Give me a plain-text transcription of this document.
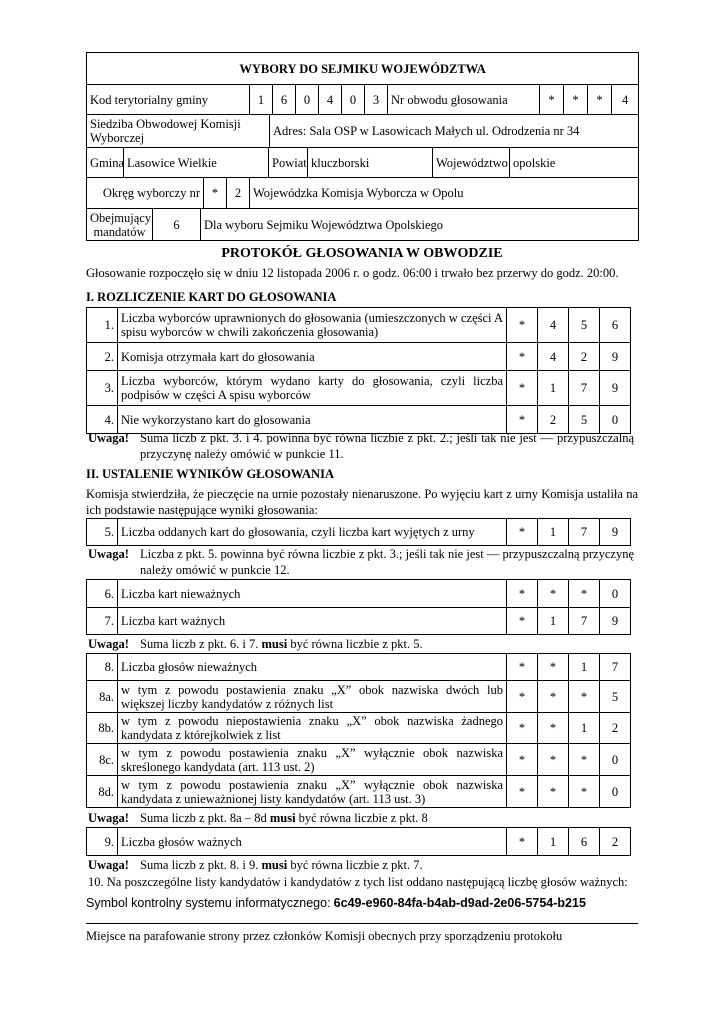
WYBORY DO SEJMIKU WOJEWÓDZTWA
Kod terytorialny gminy	1	6	0	4	0	3	Nr obwodu głosowania	*	*	*	4
Siedziba Obwodowej Komisji Wyborczej	Adres: Sala OSP w Lasowicach Małych ul. Odrodzenia nr 34
Gmina	Lasowice Wielkie	Powiat	kluczborski	Województwo	opolskie
Okręg wyborczy nr	*	2	Wojewódzka Komisja Wyborcza w Opolu
Obejmujący mandatów	6	Dla wyboru Sejmiku Województwa Opolskiego
PROTOKÓŁ GŁOSOWANIA W OBWODZIE
Głosowanie rozpoczęło się w dniu 12 listopada 2006 r. o godz. 06:00 i trwało bez przerwy do godz. 20:00.
I. ROZLICZENIE KART DO GŁOSOWANIA
1.	Liczba wyborców uprawnionych do głosowania (umieszczonych w części A spisu wyborców w chwili zakończenia głosowania)	*	4	5	6
2.	Komisja otrzymała kart do głosowania	*	4	2	9
3.	Liczba wyborców, którym wydano karty do głosowania, czyli liczba podpisów w części A spisu wyborców	*	1	7	9
4.	Nie wykorzystano kart do głosowania	*	2	5	0
Uwaga! Suma liczb z pkt. 3. i 4. powinna być równa liczbie z pkt. 2.; jeśli tak nie jest — przypuszczalną przyczynę należy omówić w punkcie 11.
II. USTALENIE WYNIKÓW GŁOSOWANIA
Komisja stwierdziła, że pieczęcie na urnie pozostały nienaruszone. Po wyjęciu kart z urny Komisja ustaliła na ich podstawie następujące wyniki głosowania:
5.	Liczba oddanych kart do głosowania, czyli liczba kart wyjętych z urny	*	1	7	9
Uwaga! Liczba z pkt. 5. powinna być równa liczbie z pkt. 3.; jeśli tak nie jest — przypuszczalną przyczynę należy omówić w punkcie 12.
6.	Liczba kart nieważnych	*	*	*	0
7.	Liczba kart ważnych	*	1	7	9
Uwaga! Suma liczb z pkt. 6. i 7. musi być równa liczbie z pkt. 5.
8.	Liczba głosów nieważnych	*	*	1	7
8a.	w tym z powodu postawienia znaku „X” obok nazwiska dwóch lub większej liczby kandydatów z różnych list	*	*	*	5
8b.	w tym z powodu niepostawienia znaku „X” obok nazwiska żadnego kandydata z którejkolwiek z list	*	*	1	2
8c.	w tym z powodu postawienia znaku „X” wyłącznie obok nazwiska skreślonego kandydata (art. 113 ust. 2)	*	*	*	0
8d.	w tym z powodu postawienia znaku „X” wyłącznie obok nazwiska kandydata z unieważnionej listy kandydatów (art. 113 ust. 3)	*	*	*	0
Uwaga! Suma liczb z pkt. 8a – 8d musi być równa liczbie z pkt. 8
9.	Liczba głosów ważnych	*	1	6	2
Uwaga! Suma liczb z pkt. 8. i 9. musi być równa liczbie z pkt. 7.
10. Na poszczególne listy kandydatów i kandydatów z tych list oddano następującą liczbę głosów ważnych:
Symbol kontrolny systemu informatycznego: 6c49-e960-84fa-b4ab-d9ad-2e06-5754-b215
Miejsce na parafowanie strony przez członków Komisji obecnych przy sporządzeniu protokołu
